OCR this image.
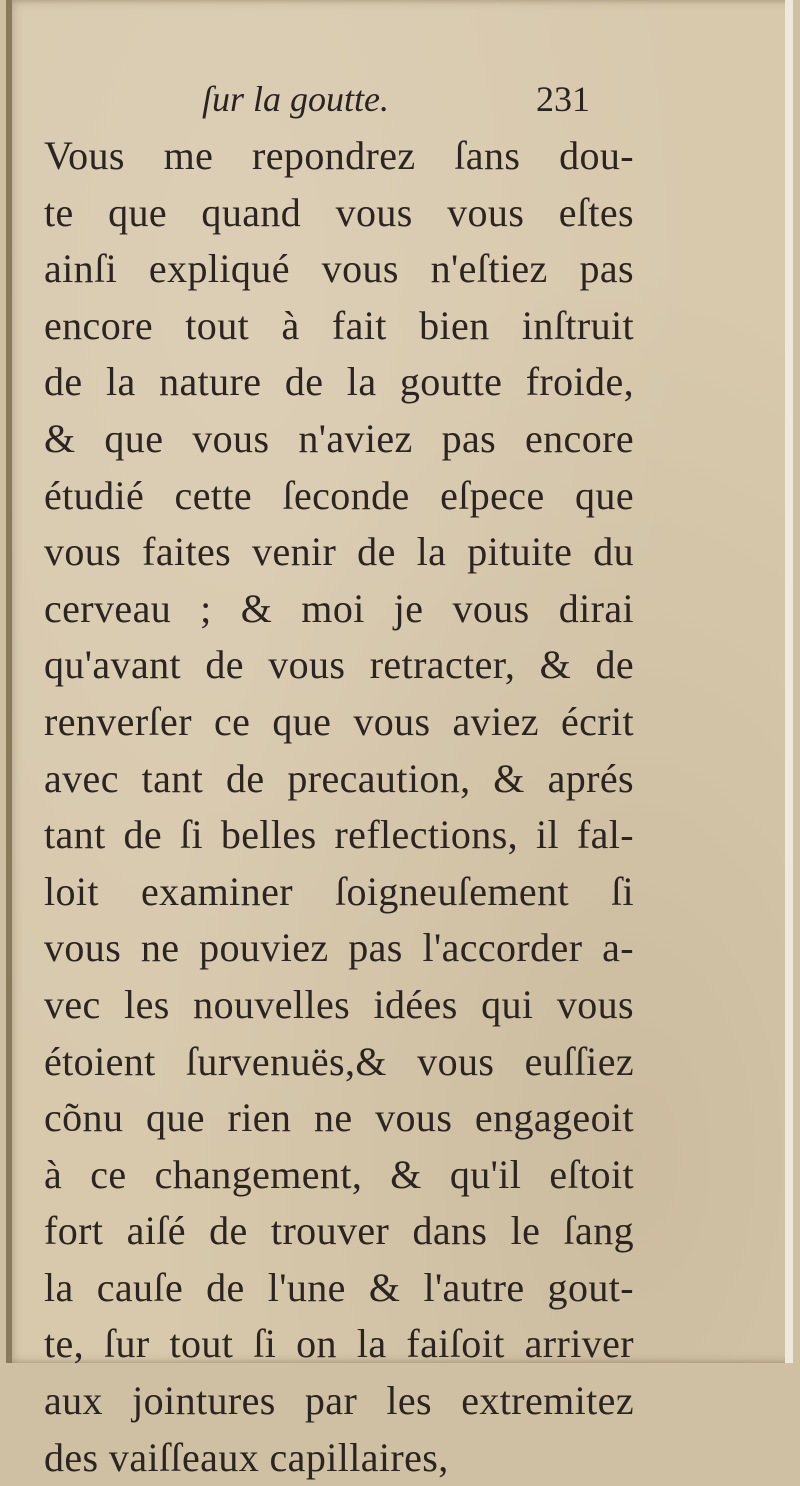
ſur la goutte.	231
Vous me repondrez ſans dou-
te que quand vous vous eſtes
ainſi expliqué vous n'eſtiez pas
encore tout à fait bien inſtruit
de la nature de la goutte froide,
& que vous n'aviez pas encore
étudié cette ſeconde eſpece que
vous faites venir de la pituite du
cerveau ; & moi je vous dirai
qu'avant de vous retracter, & de
renverſer ce que vous aviez écrit
avec tant de precaution, & aprés
tant de ſi belles reflections, il fal-
loit examiner ſoigneuſement ſi
vous ne pouviez pas l'accorder a-
vec les nouvelles idées qui vous
étoient ſurvenuës,& vous euſſiez
cõnu que rien ne vous engageoit
à ce changement, & qu'il eſtoit
fort aiſé de trouver dans le ſang
la cauſe de l'une & l'autre gout-
te, ſur tout ſi on la faiſoit arriver
aux jointures par les extremitez
des vaiſſeaux capillaires,
